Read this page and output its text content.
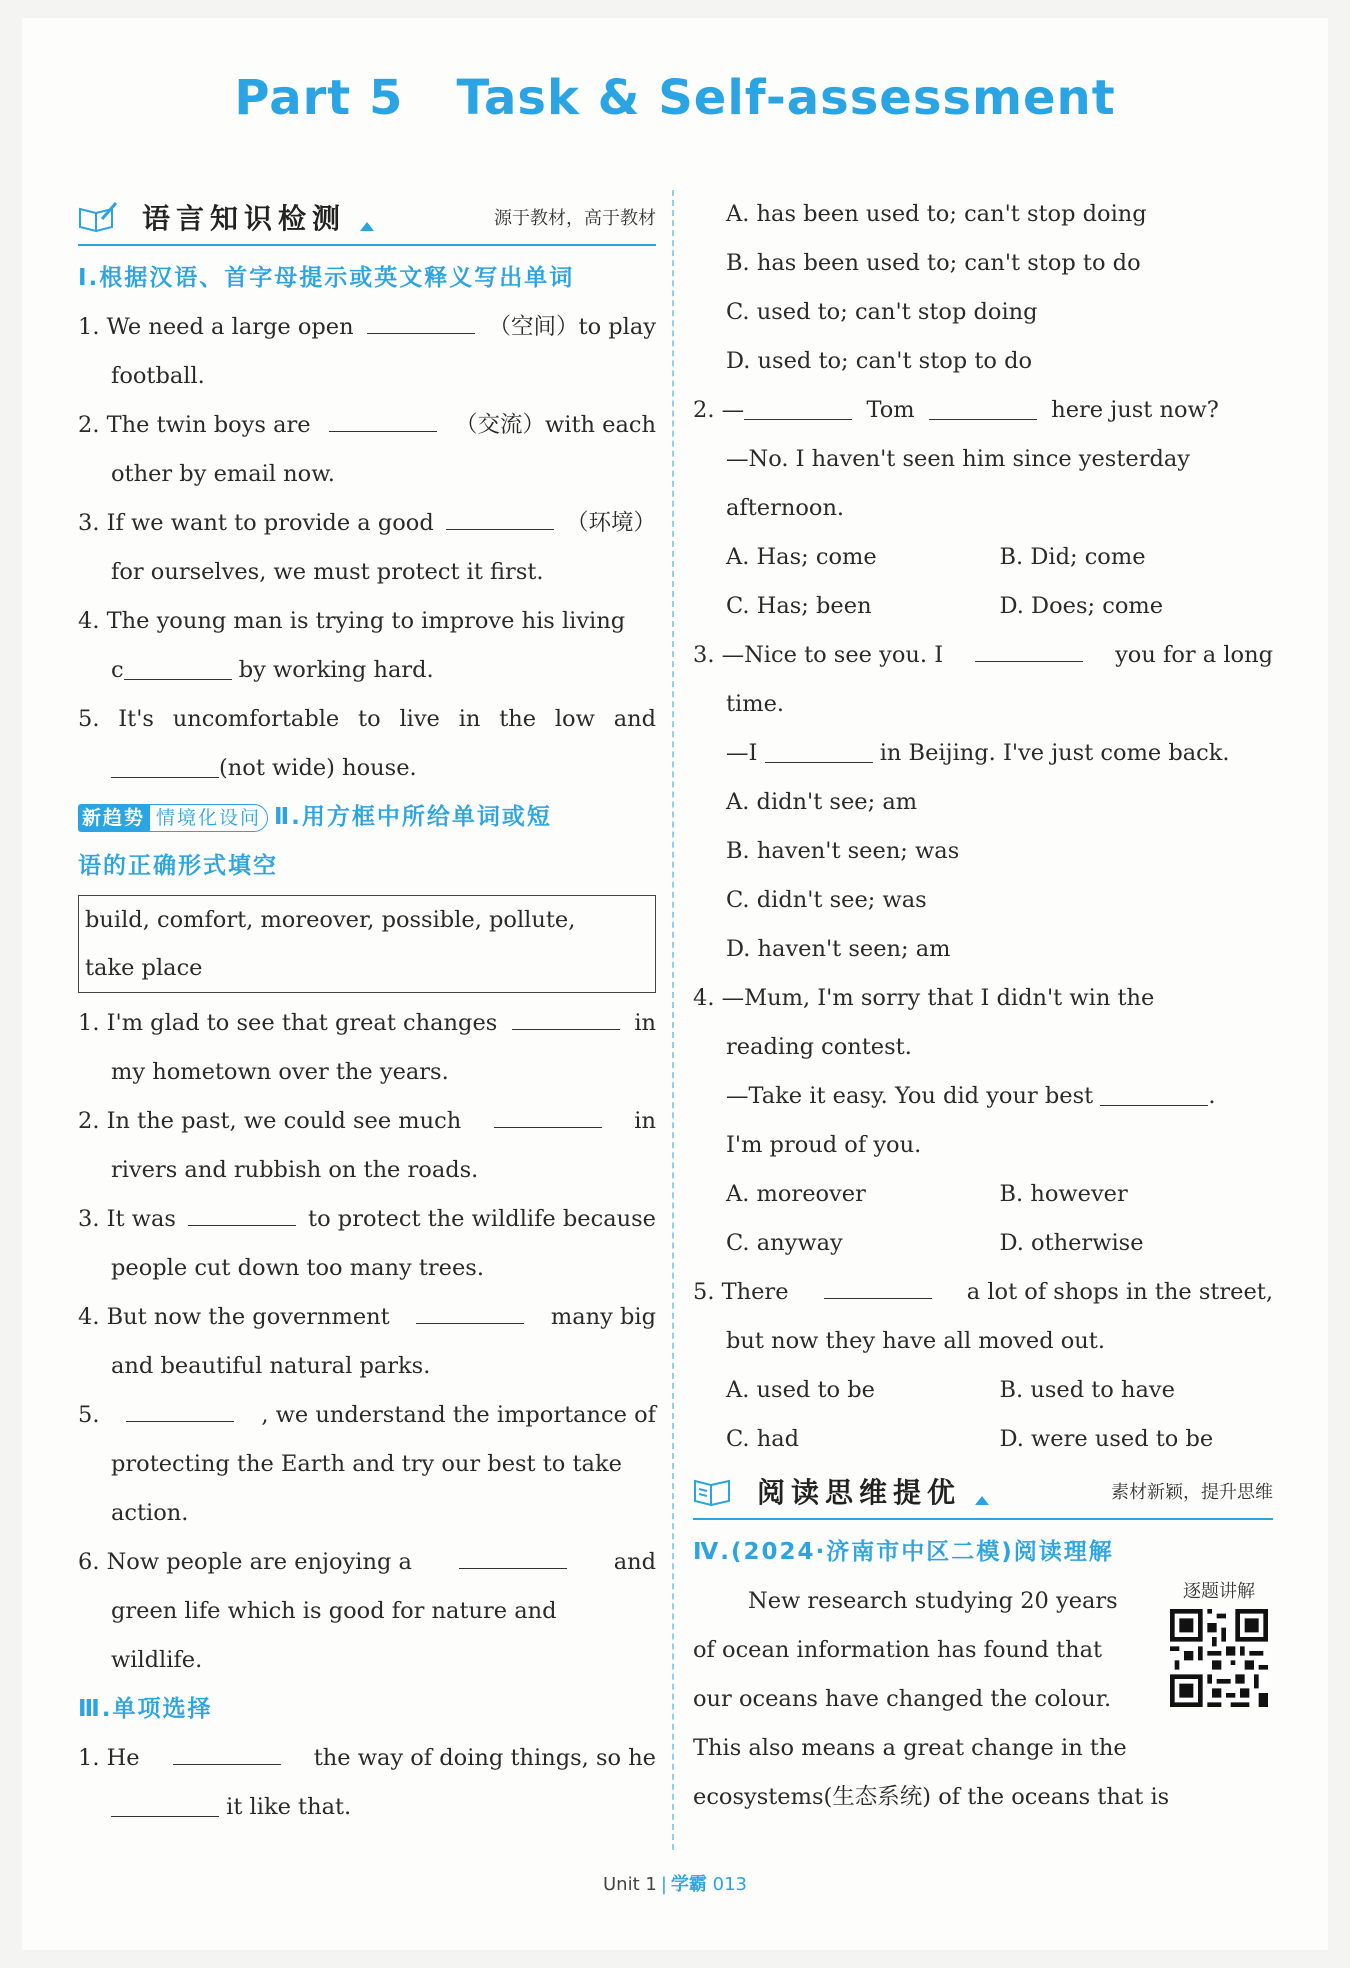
Part 5   Task & Self-assessment
语言知识检测	源于教材，高于教材
Ⅰ.根据汉语、首字母提示或英文释义写出单词
1. We need a large open	（空间）to play
football.
2. The twin boys are	（交流）with each
other by email now.
3. If we want to provide a good	（环境）
for ourselves, we must protect it first.
4. The young man is trying to improve his living
c	by working hard.
5. It's uncomfortable to live in the low and
(not wide) house.
新趋势 情境化设问 Ⅱ.用方框中所给单词或短
语的正确形式填空
build, comfort, moreover, possible, pollute,
take place
1. I'm glad to see that great changes	in
my hometown over the years.
2. In the past, we could see much	in
rivers and rubbish on the roads.
3. It was	to protect the wildlife because
people cut down too many trees.
4. But now the government	many big
and beautiful natural parks.
5.	, we understand the importance of
protecting the Earth and try our best to take
action.
6. Now people are enjoying a	and
green life which is good for nature and
wildlife.
Ⅲ.单项选择
1. He	the way of doing things, so he
it like that.
A. has been used to; can't stop doing
B. has been used to; can't stop to do
C. used to; can't stop doing
D. used to; can't stop to do
2. —	Tom	here just now?
—No. I haven't seen him since yesterday
afternoon.
A. Has; come	B. Did; come
C. Has; been	D. Does; come
3. —Nice to see you. I	you for a long
time.
—I	in Beijing. I've just come back.
A. didn't see; am
B. haven't seen; was
C. didn't see; was
D. haven't seen; am
4. —Mum, I'm sorry that I didn't win the
reading contest.
—Take it easy. You did your best	.
I'm proud of you.
A. moreover	B. however
C. anyway	D. otherwise
5. There	a lot of shops in the street,
but now they have all moved out.
A. used to be	B. used to have
C. had	D. were used to be
阅读思维提优	素材新颖，提升思维
Ⅳ.(2024·济南市中区二模)阅读理解
逐题讲解
New research studying 20 years
of ocean information has found that
our oceans have changed the colour.
This also means a great change in the
ecosystems(生态系统) of the oceans that is
Unit 1 | 学霸 013
